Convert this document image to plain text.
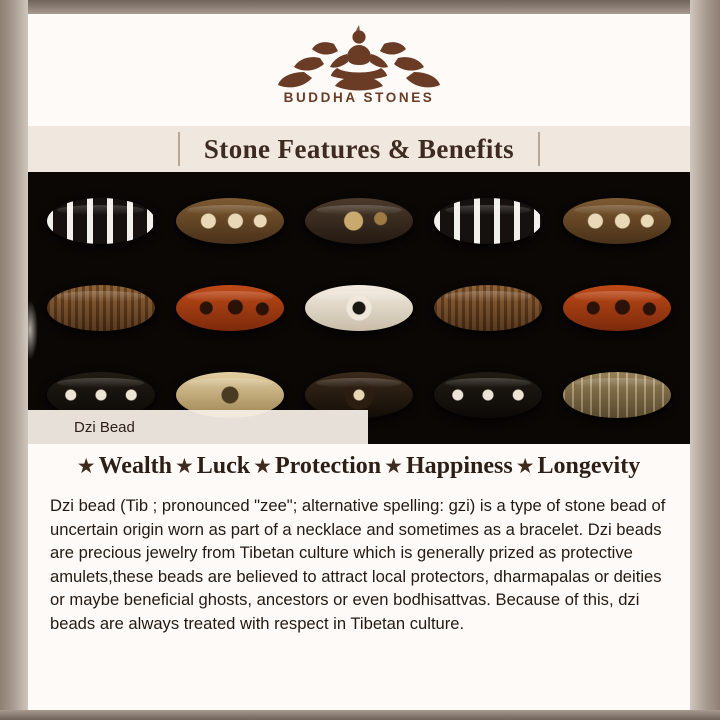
BUDDHA STONES
Stone Features & Benefits
Dzi Bead
★ Wealth ★ Luck ★ Protection ★ Happiness ★ Longevity
Dzi bead (Tib ; pronounced "zee"; alternative spelling: gzi) is a type of stone bead of uncertain origin worn as part of a necklace and sometimes as a bracelet. Dzi beads are precious jewelry from Tibetan culture which is generally prized as protective amulets,these beads are believed to attract local protectors, dharmapalas or deities or maybe beneficial ghosts, ancestors or even bodhisattvas. Because of this, dzi beads are always treated with respect in Tibetan culture.
